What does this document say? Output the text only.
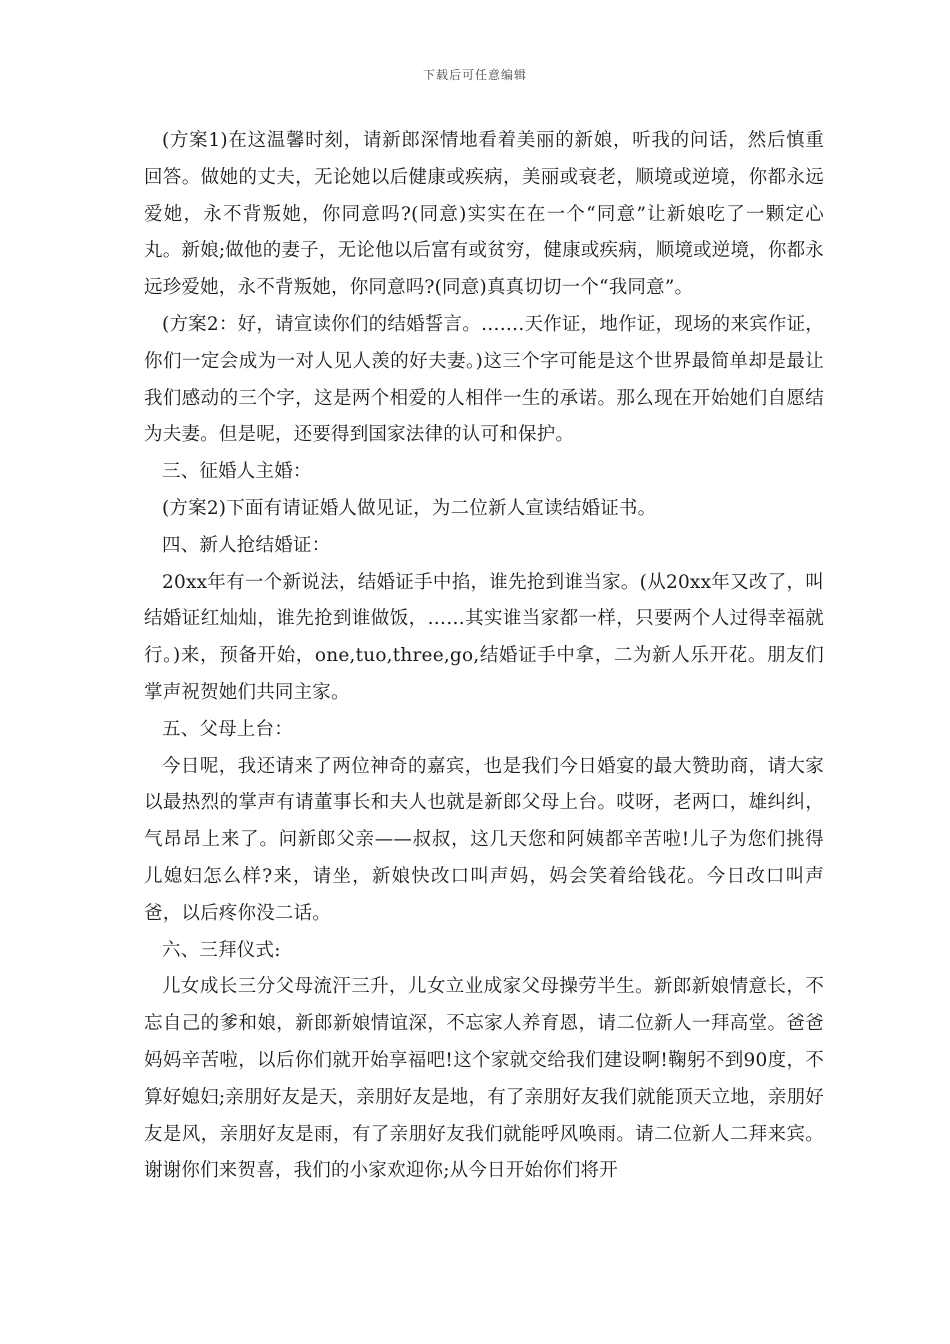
下载后可任意编辑

(方案1)在这温馨时刻，请新郎深情地看着美丽的新娘，听我的问话，然后慎重回答。做她的丈夫，无论她以后健康或疾病，美丽或衰老，顺境或逆境，你都永远爱她，永不背叛她，你同意吗?(同意)实实在在一个“同意”让新娘吃了一颗定心丸。新娘;做他的妻子，无论他以后富有或贫穷，健康或疾病，顺境或逆境，你都永远珍爱她，永不背叛她，你同意吗?(同意)真真切切一个“我同意”。

(方案2：好，请宣读你们的结婚誓言。…….天作证，地作证，现场的来宾作证，你们一定会成为一对人见人羡的好夫妻。)这三个字可能是这个世界最简单却是最让我们感动的三个字，这是两个相爱的人相伴一生的承诺。那么现在开始她们自愿结为夫妻。但是呢，还要得到国家法律的认可和保护。

三、征婚人主婚：

(方案2)下面有请证婚人做见证，为二位新人宣读结婚证书。

四、新人抢结婚证：

20xx年有一个新说法，结婚证手中掐，谁先抢到谁当家。(从20xx年又改了，叫结婚证红灿灿，谁先抢到谁做饭，……其实谁当家都一样，只要两个人过得幸福就行。)来，预备开始，one,tuo,three,go,结婚证手中拿，二为新人乐开花。朋友们掌声祝贺她们共同主家。

五、父母上台：

今日呢，我还请来了两位神奇的嘉宾，也是我们今日婚宴的最大赞助商，请大家以最热烈的掌声有请董事长和夫人也就是新郎父母上台。哎呀，老两口，雄纠纠，气昂昂上来了。问新郎父亲——叔叔，这几天您和阿姨都辛苦啦!儿子为您们挑得儿媳妇怎么样?来，请坐，新娘快改口叫声妈，妈会笑着给钱花。今日改口叫声爸，以后疼你没二话。

六、三拜仪式:

儿女成长三分父母流汗三升，儿女立业成家父母操劳半生。新郎新娘情意长，不忘自己的爹和娘，新郎新娘情谊深，不忘家人养育恩，请二位新人一拜高堂。爸爸妈妈辛苦啦，以后你们就开始享福吧!这个家就交给我们建设啊!鞠躬不到90度，不算好媳妇;亲朋好友是天，亲朋好友是地，有了亲朋好友我们就能顶天立地，亲朋好友是风，亲朋好友是雨，有了亲朋好友我们就能呼风唤雨。请二位新人二拜来宾。谢谢你们来贺喜，我们的小家欢迎你;从今日开始你们将开
